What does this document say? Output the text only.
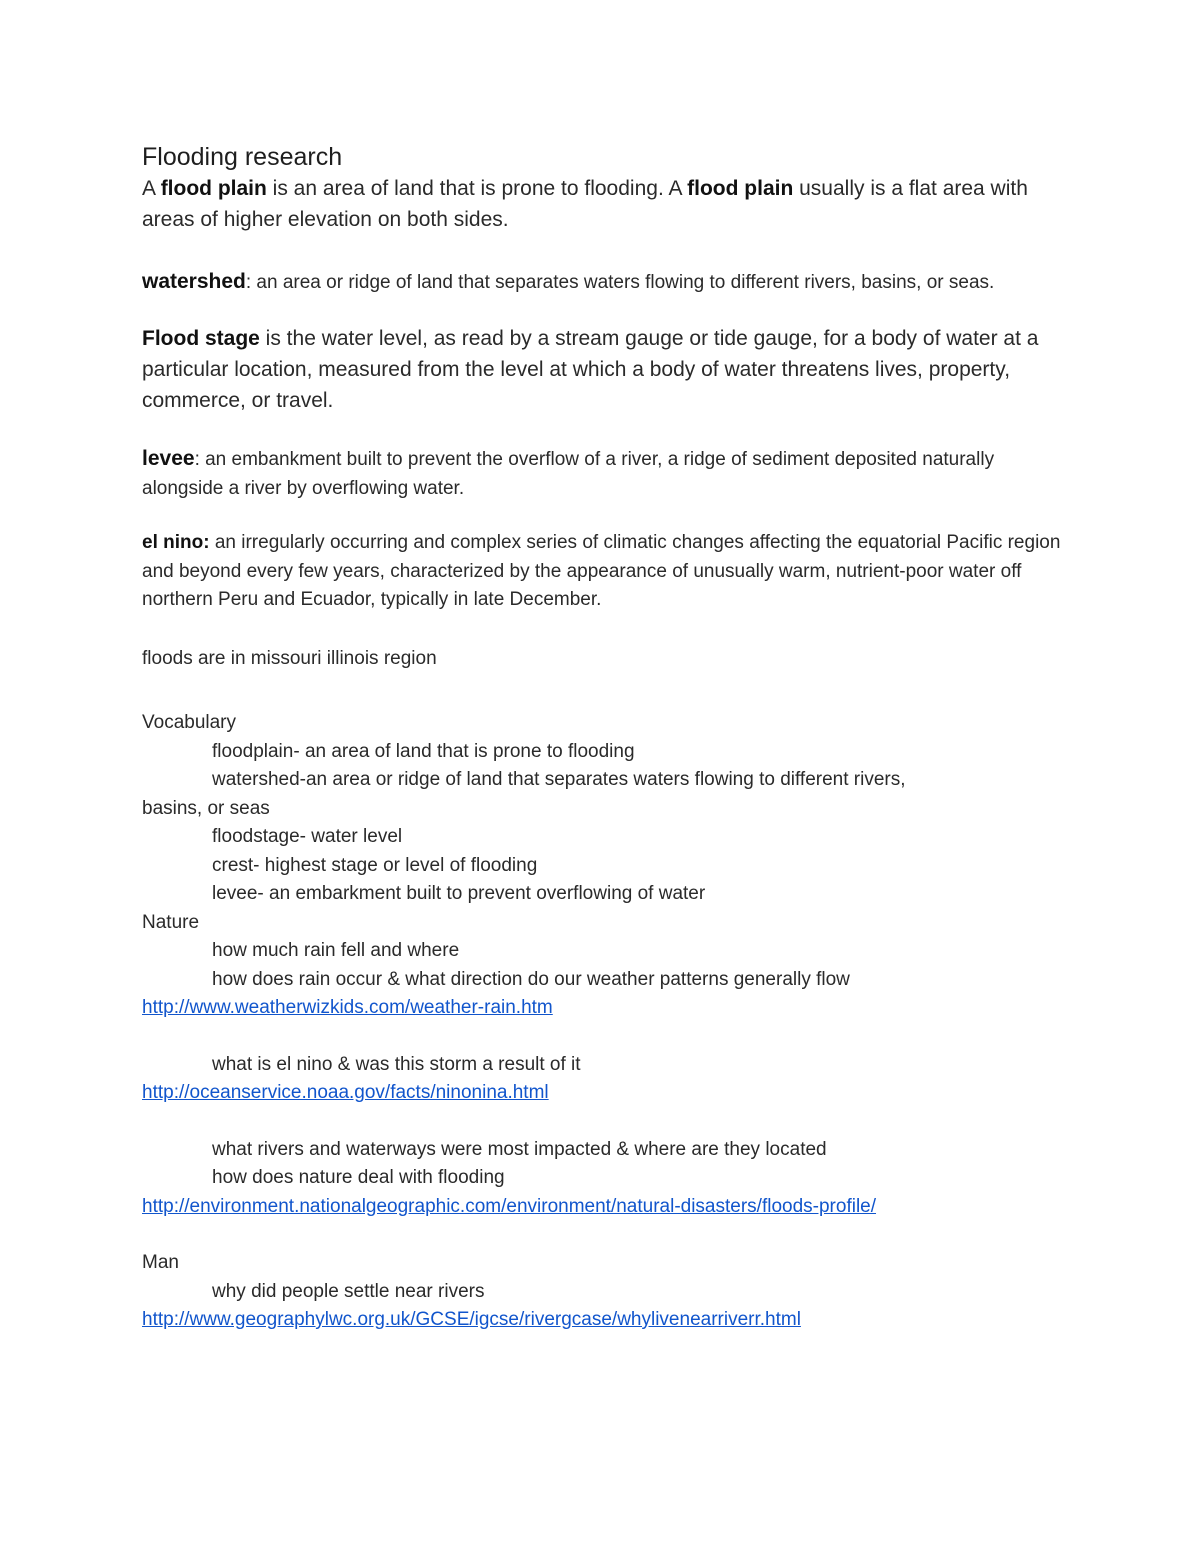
Flooding research

A flood plain is an area of land that is prone to flooding. A flood plain usually is a flat area with areas of higher elevation on both sides.

watershed: an area or ridge of land that separates waters flowing to different rivers, basins, or seas.

Flood stage is the water level, as read by a stream gauge or tide gauge, for a body of water at a particular location, measured from the level at which a body of water threatens lives, property, commerce, or travel.

levee: an embankment built to prevent the overflow of a river, a ridge of sediment deposited naturally alongside a river by overflowing water.

el nino: an irregularly occurring and complex series of climatic changes affecting the equatorial Pacific region and beyond every few years, characterized by the appearance of unusually warm, nutrient-poor water off northern Peru and Ecuador, typically in late December.

floods are in missouri illinois region

Vocabulary

floodplain- an area of land that is prone to flooding

watershed-an area or ridge of land that separates waters flowing to different rivers,

basins, or seas

floodstage- water level

crest- highest stage or level of flooding

levee- an embarkment built to prevent overflowing of water

Nature

how much rain fell and where

how does rain occur & what direction do our weather patterns generally flow

http://www.weatherwizkids.com/weather-rain.htm

what is el nino & was this storm a result of it

http://oceanservice.noaa.gov/facts/ninonina.html

what rivers and waterways were most impacted & where are they located

how does nature deal with flooding

http://environment.nationalgeographic.com/environment/natural-disasters/floods-profile/

Man

why did people settle near rivers

http://www.geographylwc.org.uk/GCSE/igcse/rivergcase/whylivenearriverr.html
